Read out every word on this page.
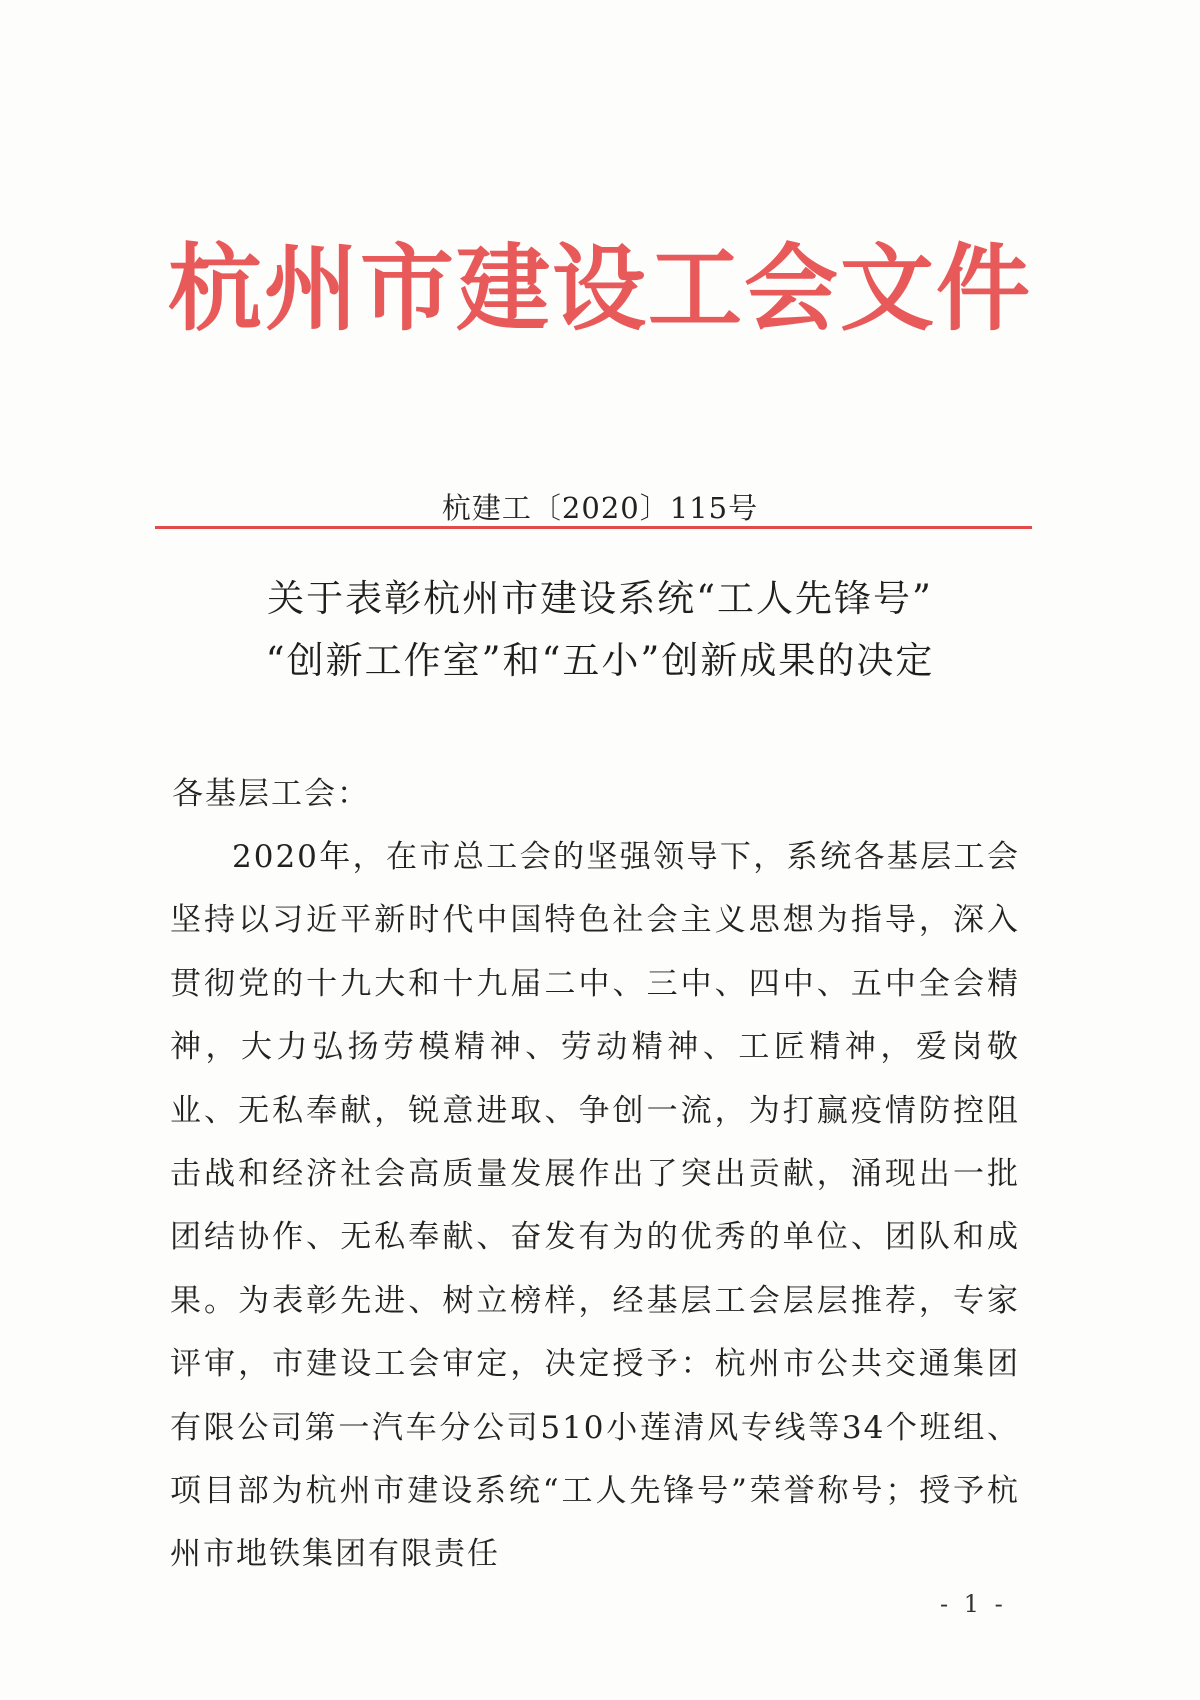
杭州市建设工会文件
杭建工〔2020〕115号
关于表彰杭州市建设系统“工人先锋号”
“创新工作室”和“五小”创新成果的决定
各基层工会：
2020年，在市总工会的坚强领导下，系统各基层工会坚持以习近平新时代中国特色社会主义思想为指导，深入贯彻党的十九大和十九届二中、三中、四中、五中全会精神，大力弘扬劳模精神、劳动精神、工匠精神，爱岗敬业、无私奉献，锐意进取、争创一流，为打赢疫情防控阻击战和经济社会高质量发展作出了突出贡献，涌现出一批团结协作、无私奉献、奋发有为的优秀的单位、团队和成果。为表彰先进、树立榜样，经基层工会层层推荐，专家评审，市建设工会审定，决定授予：杭州市公共交通集团有限公司第一汽车分公司510小莲清风专线等34个班组、项目部为杭州市建设系统“工人先锋号”荣誉称号；授予杭州市地铁集团有限责任
- 1 -
